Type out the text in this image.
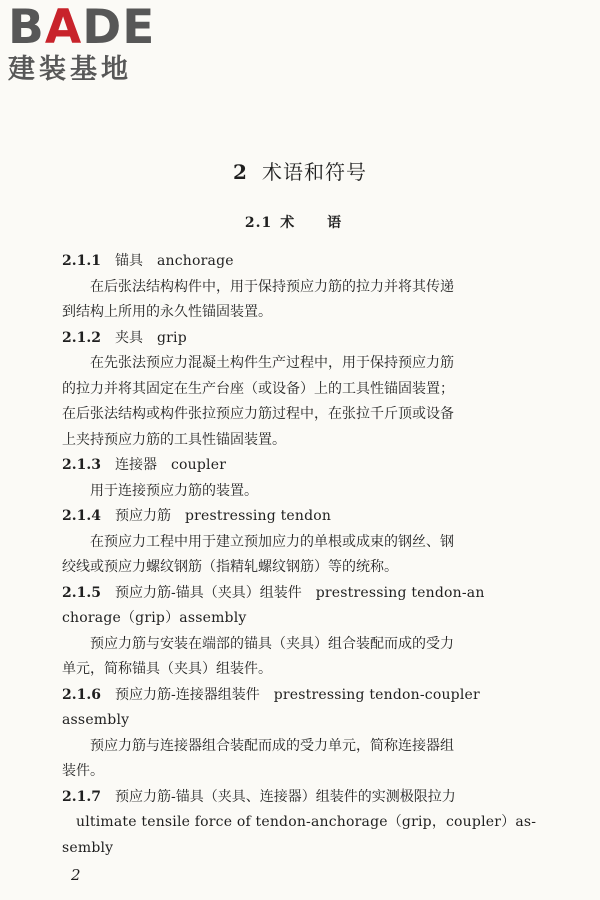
BADE
建装基地
2 术语和符号
2.1 术 语
2.1.1 锚具 anchorage
在后张法结构构件中，用于保持预应力筋的拉力并将其传递
到结构上所用的永久性锚固装置。
2.1.2 夹具 grip
在先张法预应力混凝土构件生产过程中，用于保持预应力筋
的拉力并将其固定在生产台座（或设备）上的工具性锚固装置；
在后张法结构或构件张拉预应力筋过程中，在张拉千斤顶或设备
上夹持预应力筋的工具性锚固装置。
2.1.3 连接器 coupler
用于连接预应力筋的装置。
2.1.4 预应力筋 prestressing tendon
在预应力工程中用于建立预加应力的单根或成束的钢丝、钢
绞线或预应力螺纹钢筋（指精轧螺纹钢筋）等的统称。
2.1.5 预应力筋-锚具（夹具）组装件 prestressing tendon-an
chorage（grip）assembly
预应力筋与安装在端部的锚具（夹具）组合装配而成的受力
单元，简称锚具（夹具）组装件。
2.1.6 预应力筋-连接器组装件 prestressing tendon-coupler
assembly
预应力筋与连接器组合装配而成的受力单元，简称连接器组
装件。
2.1.7 预应力筋-锚具（夹具、连接器）组装件的实测极限拉力
ultimate tensile force of tendon-anchorage（grip，coupler）as-
sembly
2
